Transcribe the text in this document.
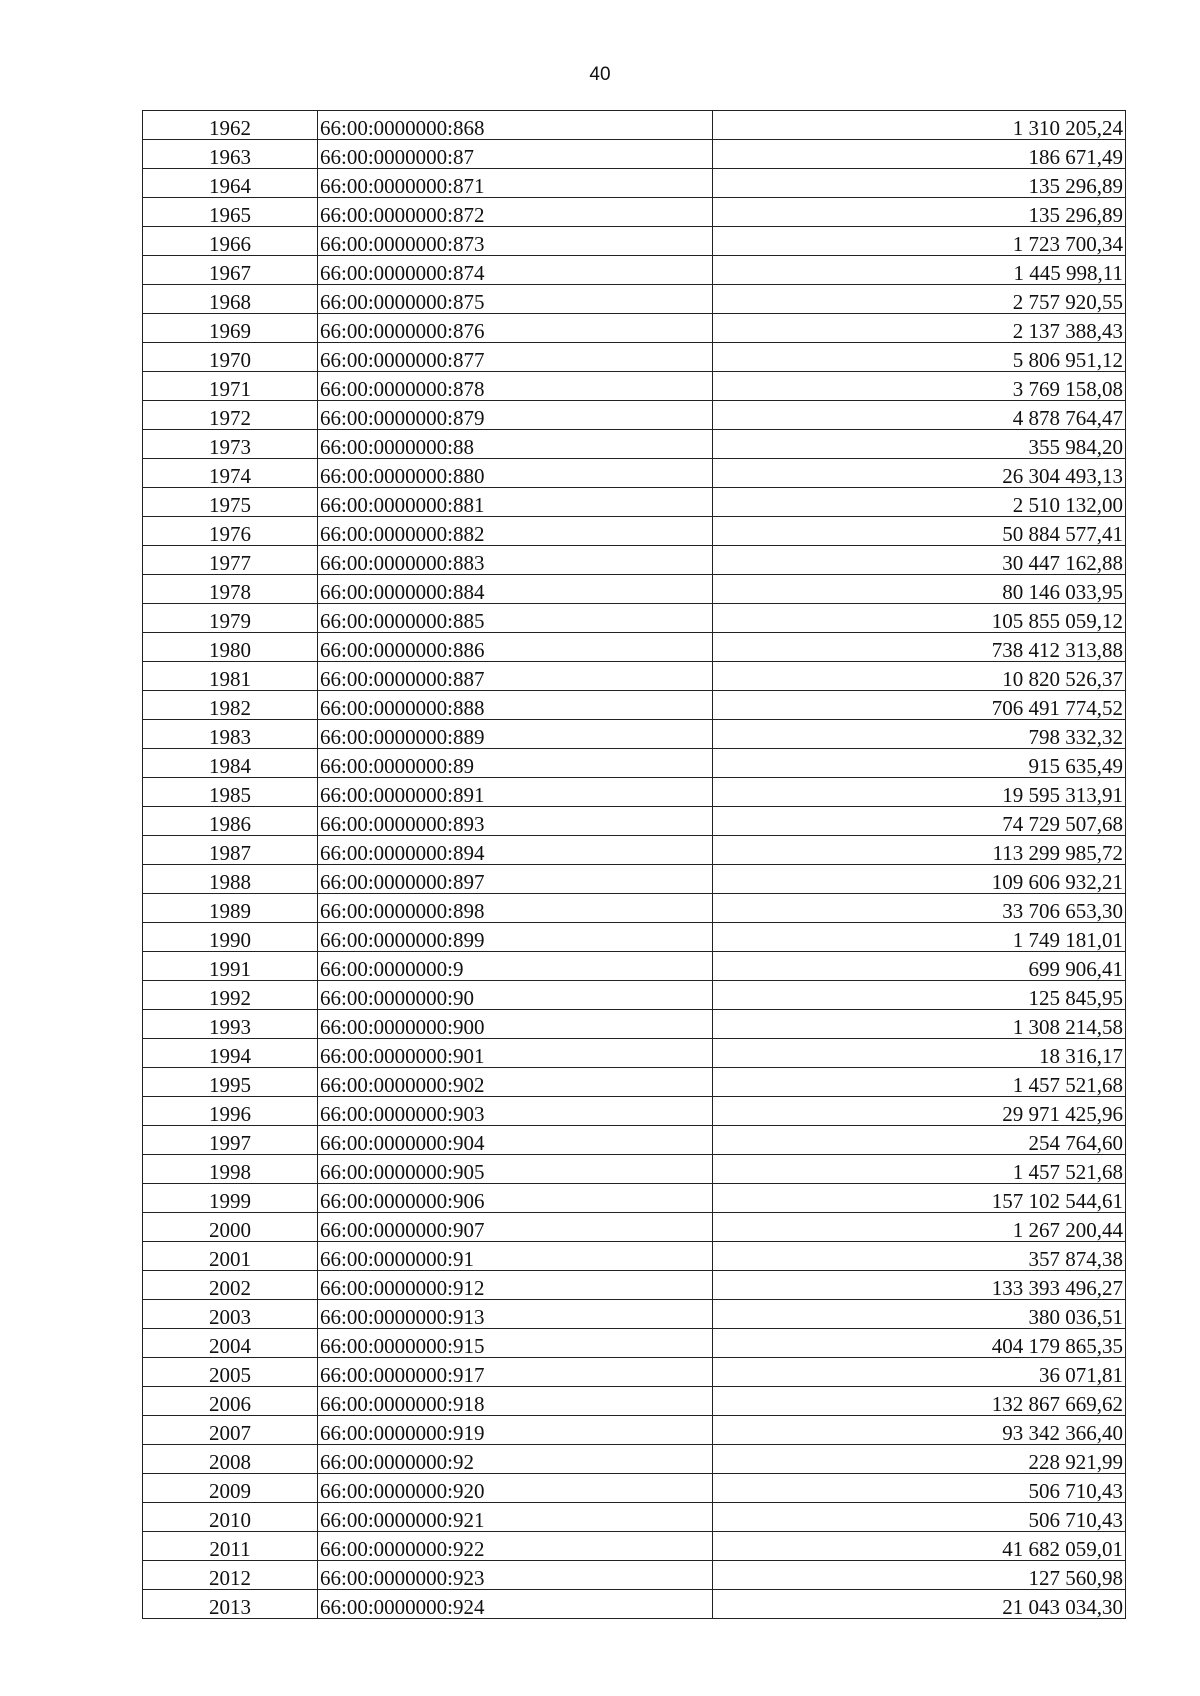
40
1962	66:00:0000000:868	1 310 205,24
1963	66:00:0000000:87	186 671,49
1964	66:00:0000000:871	135 296,89
1965	66:00:0000000:872	135 296,89
1966	66:00:0000000:873	1 723 700,34
1967	66:00:0000000:874	1 445 998,11
1968	66:00:0000000:875	2 757 920,55
1969	66:00:0000000:876	2 137 388,43
1970	66:00:0000000:877	5 806 951,12
1971	66:00:0000000:878	3 769 158,08
1972	66:00:0000000:879	4 878 764,47
1973	66:00:0000000:88	355 984,20
1974	66:00:0000000:880	26 304 493,13
1975	66:00:0000000:881	2 510 132,00
1976	66:00:0000000:882	50 884 577,41
1977	66:00:0000000:883	30 447 162,88
1978	66:00:0000000:884	80 146 033,95
1979	66:00:0000000:885	105 855 059,12
1980	66:00:0000000:886	738 412 313,88
1981	66:00:0000000:887	10 820 526,37
1982	66:00:0000000:888	706 491 774,52
1983	66:00:0000000:889	798 332,32
1984	66:00:0000000:89	915 635,49
1985	66:00:0000000:891	19 595 313,91
1986	66:00:0000000:893	74 729 507,68
1987	66:00:0000000:894	113 299 985,72
1988	66:00:0000000:897	109 606 932,21
1989	66:00:0000000:898	33 706 653,30
1990	66:00:0000000:899	1 749 181,01
1991	66:00:0000000:9	699 906,41
1992	66:00:0000000:90	125 845,95
1993	66:00:0000000:900	1 308 214,58
1994	66:00:0000000:901	18 316,17
1995	66:00:0000000:902	1 457 521,68
1996	66:00:0000000:903	29 971 425,96
1997	66:00:0000000:904	254 764,60
1998	66:00:0000000:905	1 457 521,68
1999	66:00:0000000:906	157 102 544,61
2000	66:00:0000000:907	1 267 200,44
2001	66:00:0000000:91	357 874,38
2002	66:00:0000000:912	133 393 496,27
2003	66:00:0000000:913	380 036,51
2004	66:00:0000000:915	404 179 865,35
2005	66:00:0000000:917	36 071,81
2006	66:00:0000000:918	132 867 669,62
2007	66:00:0000000:919	93 342 366,40
2008	66:00:0000000:92	228 921,99
2009	66:00:0000000:920	506 710,43
2010	66:00:0000000:921	506 710,43
2011	66:00:0000000:922	41 682 059,01
2012	66:00:0000000:923	127 560,98
2013	66:00:0000000:924	21 043 034,30
